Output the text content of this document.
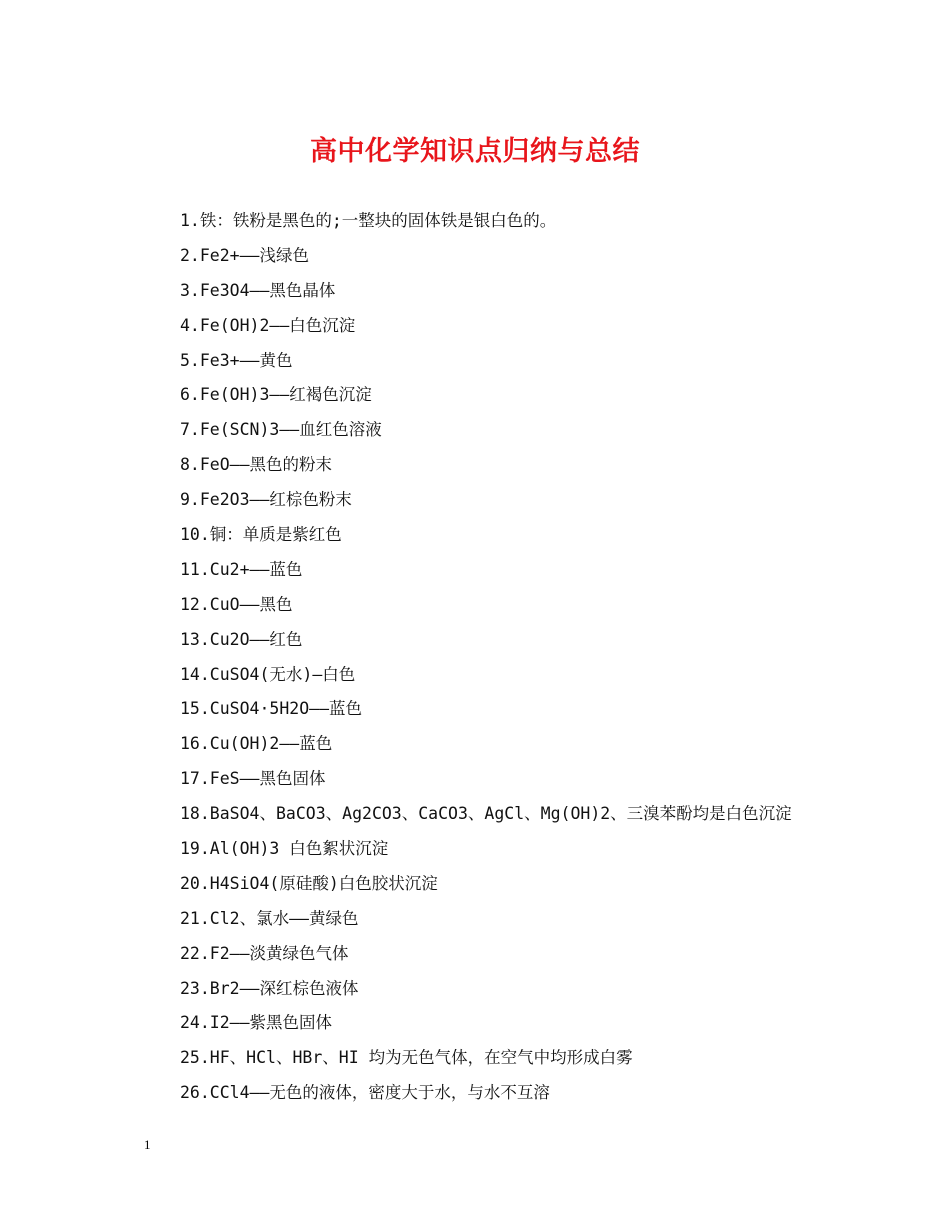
高中化学知识点归纳与总结
1.铁：铁粉是黑色的;一整块的固体铁是银白色的。
2.Fe2+——浅绿色
3.Fe3O4——黑色晶体
4.Fe(OH)2——白色沉淀
5.Fe3+——黄色
6.Fe(OH)3——红褐色沉淀
7.Fe(SCN)3——血红色溶液
8.FeO——黑色的粉末
9.Fe2O3——红棕色粉末
10.铜：单质是紫红色
11.Cu2+——蓝色
12.CuO——黑色
13.Cu2O——红色
14.CuSO4(无水)—白色
15.CuSO4·5H2O——蓝色
16.Cu(OH)2——蓝色
17.FeS——黑色固体
18.BaSO4、BaCO3、Ag2CO3、CaCO3、AgCl、Mg(OH)2、三溴苯酚均是白色沉淀
19.Al(OH)3 白色絮状沉淀
20.H4SiO4(原硅酸)白色胶状沉淀
21.Cl2、氯水——黄绿色
22.F2——淡黄绿色气体
23.Br2——深红棕色液体
24.I2——紫黑色固体
25.HF、HCl、HBr、HI 均为无色气体，在空气中均形成白雾
26.CCl4——无色的液体，密度大于水，与水不互溶
1
